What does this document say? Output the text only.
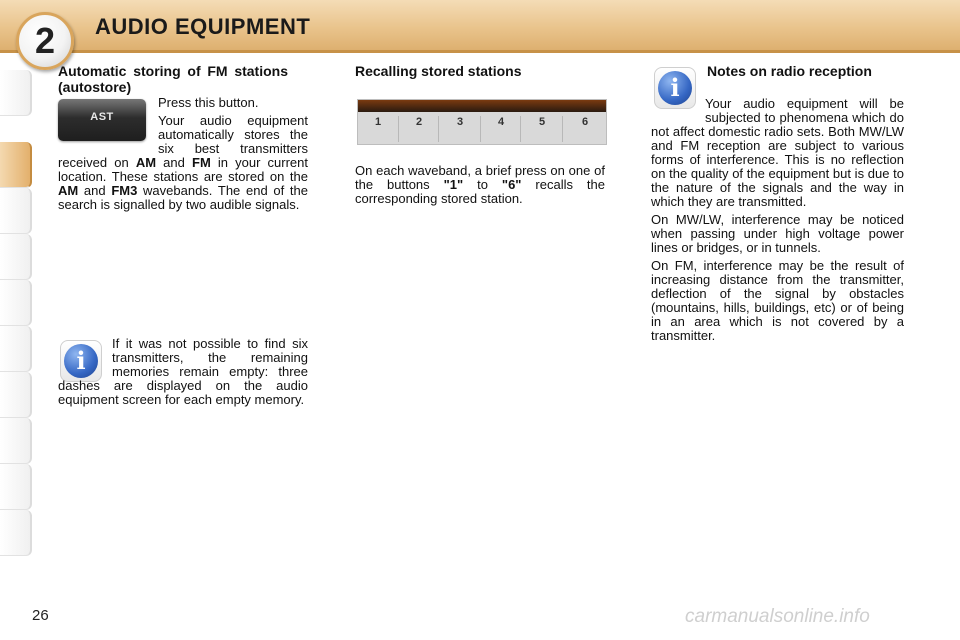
2	AUDIO EQUIPMENT

Automatic storing of FM stations (autostore)

AST

Press this button.

Your audio equipment automatically stores the six best transmitters received on AM and FM in your current location. These stations are stored on the AM and FM3 wavebands. The end of the search is signalled by two audible signals.

i

If it was not possible to find six transmitters, the remaining memories remain empty: three dashes are displayed on the audio equipment screen for each empty memory.

Recalling stored stations

1	2	3	4	5	6

On each waveband, a brief press on one of the buttons "1" to "6" recalls the corresponding stored station.

i

Notes on radio reception

Your audio equipment will be subjected to phenomena which do not affect domestic radio sets. Both MW/LW and FM reception are subject to various forms of interference. This is no reflection on the quality of the equipment but is due to the nature of the signals and the way in which they are transmitted.

On MW/LW, interference may be noticed when passing under high voltage power lines or bridges, or in tunnels.

On FM, interference may be the result of increasing distance from the transmitter, deflection of the signal by obstacles (mountains, hills, buildings, etc) or of being in an area which is not covered by a transmitter.

26	carmanualsonline.info
